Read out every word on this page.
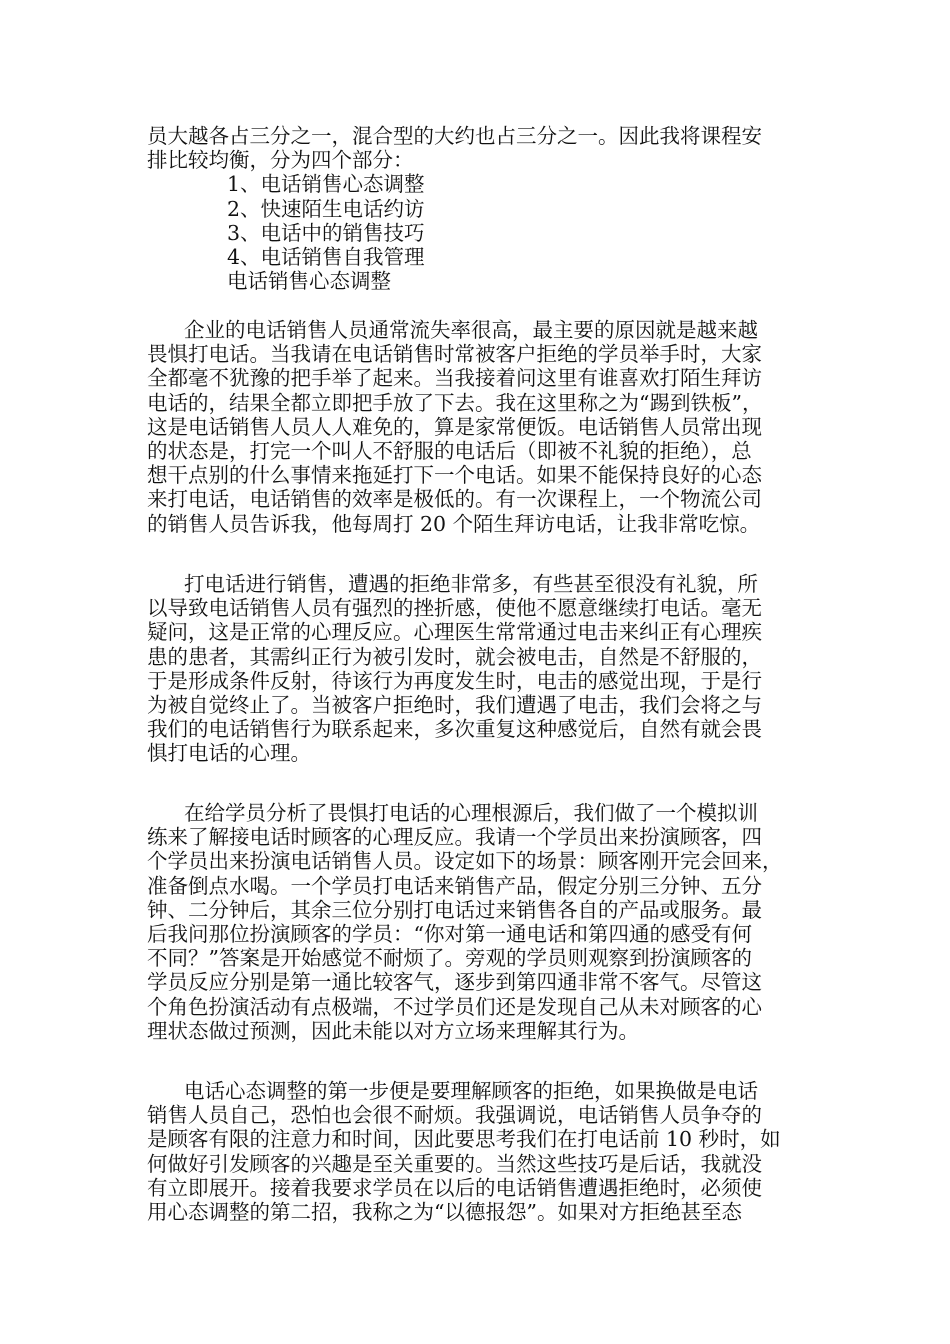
员大越各占三分之一，混合型的大约也占三分之一。因此我将课程安
排比较均衡，分为四个部分：
1、电话销售心态调整
2、快速陌生电话约访
3、电话中的销售技巧
4、电话销售自我管理
电话销售心态调整
企业的电话销售人员通常流失率很高，最主要的原因就是越来越
畏惧打电话。当我请在电话销售时常被客户拒绝的学员举手时，大家
全都毫不犹豫的把手举了起来。当我接着问这里有谁喜欢打陌生拜访
电话的，结果全都立即把手放了下去。我在这里称之为“踢到铁板”，
这是电话销售人员人人难免的，算是家常便饭。电话销售人员常出现
的状态是，打完一个叫人不舒服的电话后（即被不礼貌的拒绝），总
想干点别的什么事情来拖延打下一个电话。如果不能保持良好的心态
来打电话，电话销售的效率是极低的。有一次课程上，一个物流公司
的销售人员告诉我，他每周打 20 个陌生拜访电话，让我非常吃惊。
打电话进行销售，遭遇的拒绝非常多，有些甚至很没有礼貌，所
以导致电话销售人员有强烈的挫折感，使他不愿意继续打电话。毫无
疑问，这是正常的心理反应。心理医生常常通过电击来纠正有心理疾
患的患者，其需纠正行为被引发时，就会被电击，自然是不舒服的，
于是形成条件反射，待该行为再度发生时，电击的感觉出现，于是行
为被自觉终止了。当被客户拒绝时，我们遭遇了电击，我们会将之与
我们的电话销售行为联系起来，多次重复这种感觉后，自然有就会畏
惧打电话的心理。
在给学员分析了畏惧打电话的心理根源后，我们做了一个模拟训
练来了解接电话时顾客的心理反应。我请一个学员出来扮演顾客，四
个学员出来扮演电话销售人员。设定如下的场景：顾客刚开完会回来，
准备倒点水喝。一个学员打电话来销售产品，假定分别三分钟、五分
钟、二分钟后，其余三位分别打电话过来销售各自的产品或服务。最
后我问那位扮演顾客的学员：“你对第一通电话和第四通的感受有何
不同？”答案是开始感觉不耐烦了。旁观的学员则观察到扮演顾客的
学员反应分别是第一通比较客气，逐步到第四通非常不客气。尽管这
个角色扮演活动有点极端，不过学员们还是发现自己从未对顾客的心
理状态做过预测，因此未能以对方立场来理解其行为。
电话心态调整的第一步便是要理解顾客的拒绝，如果换做是电话
销售人员自己，恐怕也会很不耐烦。我强调说，电话销售人员争夺的
是顾客有限的注意力和时间，因此要思考我们在打电话前 10 秒时，如
何做好引发顾客的兴趣是至关重要的。当然这些技巧是后话，我就没
有立即展开。接着我要求学员在以后的电话销售遭遇拒绝时，必须使
用心态调整的第二招，我称之为“以德报怨”。如果对方拒绝甚至态
